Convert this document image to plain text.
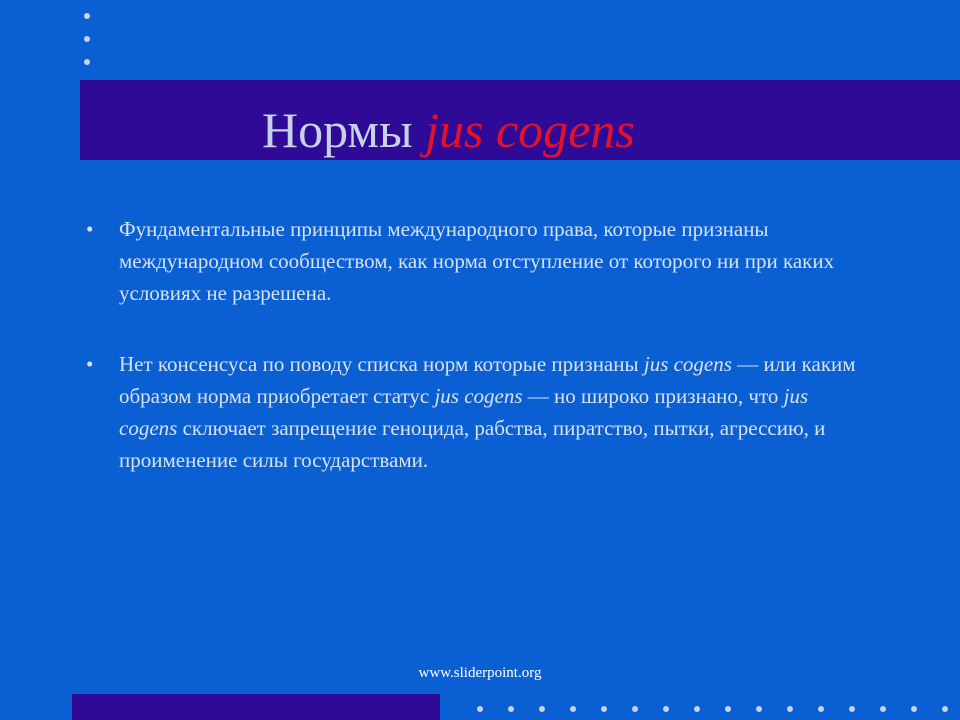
Нормы jus cogens
• Фундаментальные принципы международного права, которые признаны международном сообществом, как норма отступление от которого ни при каких условиях не разрешена.
• Нет консенсуса по поводу списка норм которые признаны jus cogens — или каким образом норма приобретает статус jus cogens — но широко признано, что jus cogens сключает запрещение геноцида, рабства, пиратство, пытки, агрессию, и проименение силы государствами.
www.sliderpoint.org
